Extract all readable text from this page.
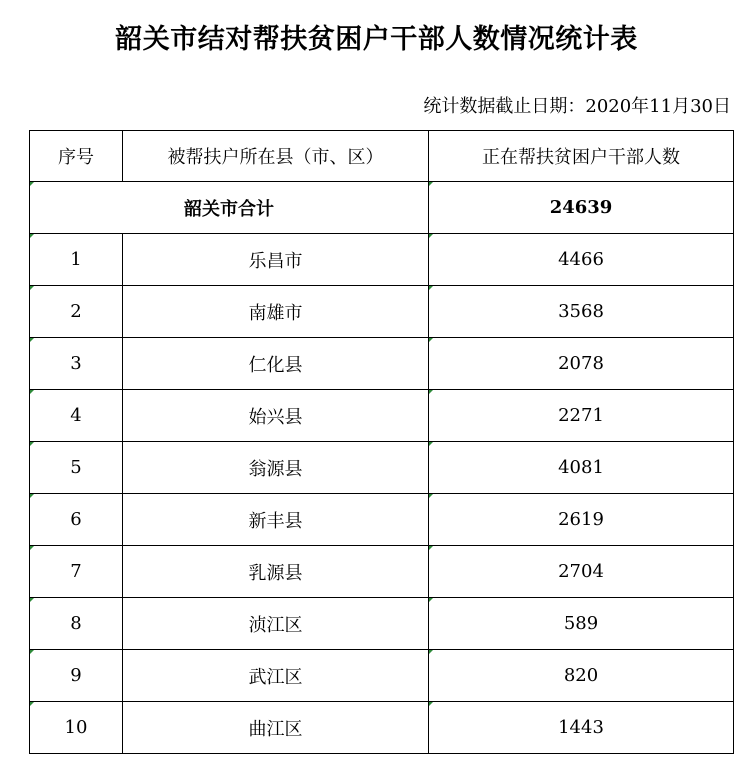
韶关市结对帮扶贫困户干部人数情况统计表
统计数据截止日期：2020年11月30日
序号	被帮扶户所在县（市、区）	正在帮扶贫困户干部人数
韶关市合计		24639
1	乐昌市	4466
2	南雄市	3568
3	仁化县	2078
4	始兴县	2271
5	翁源县	4081
6	新丰县	2619
7	乳源县	2704
8	浈江区	589
9	武江区	820
10	曲江区	1443
